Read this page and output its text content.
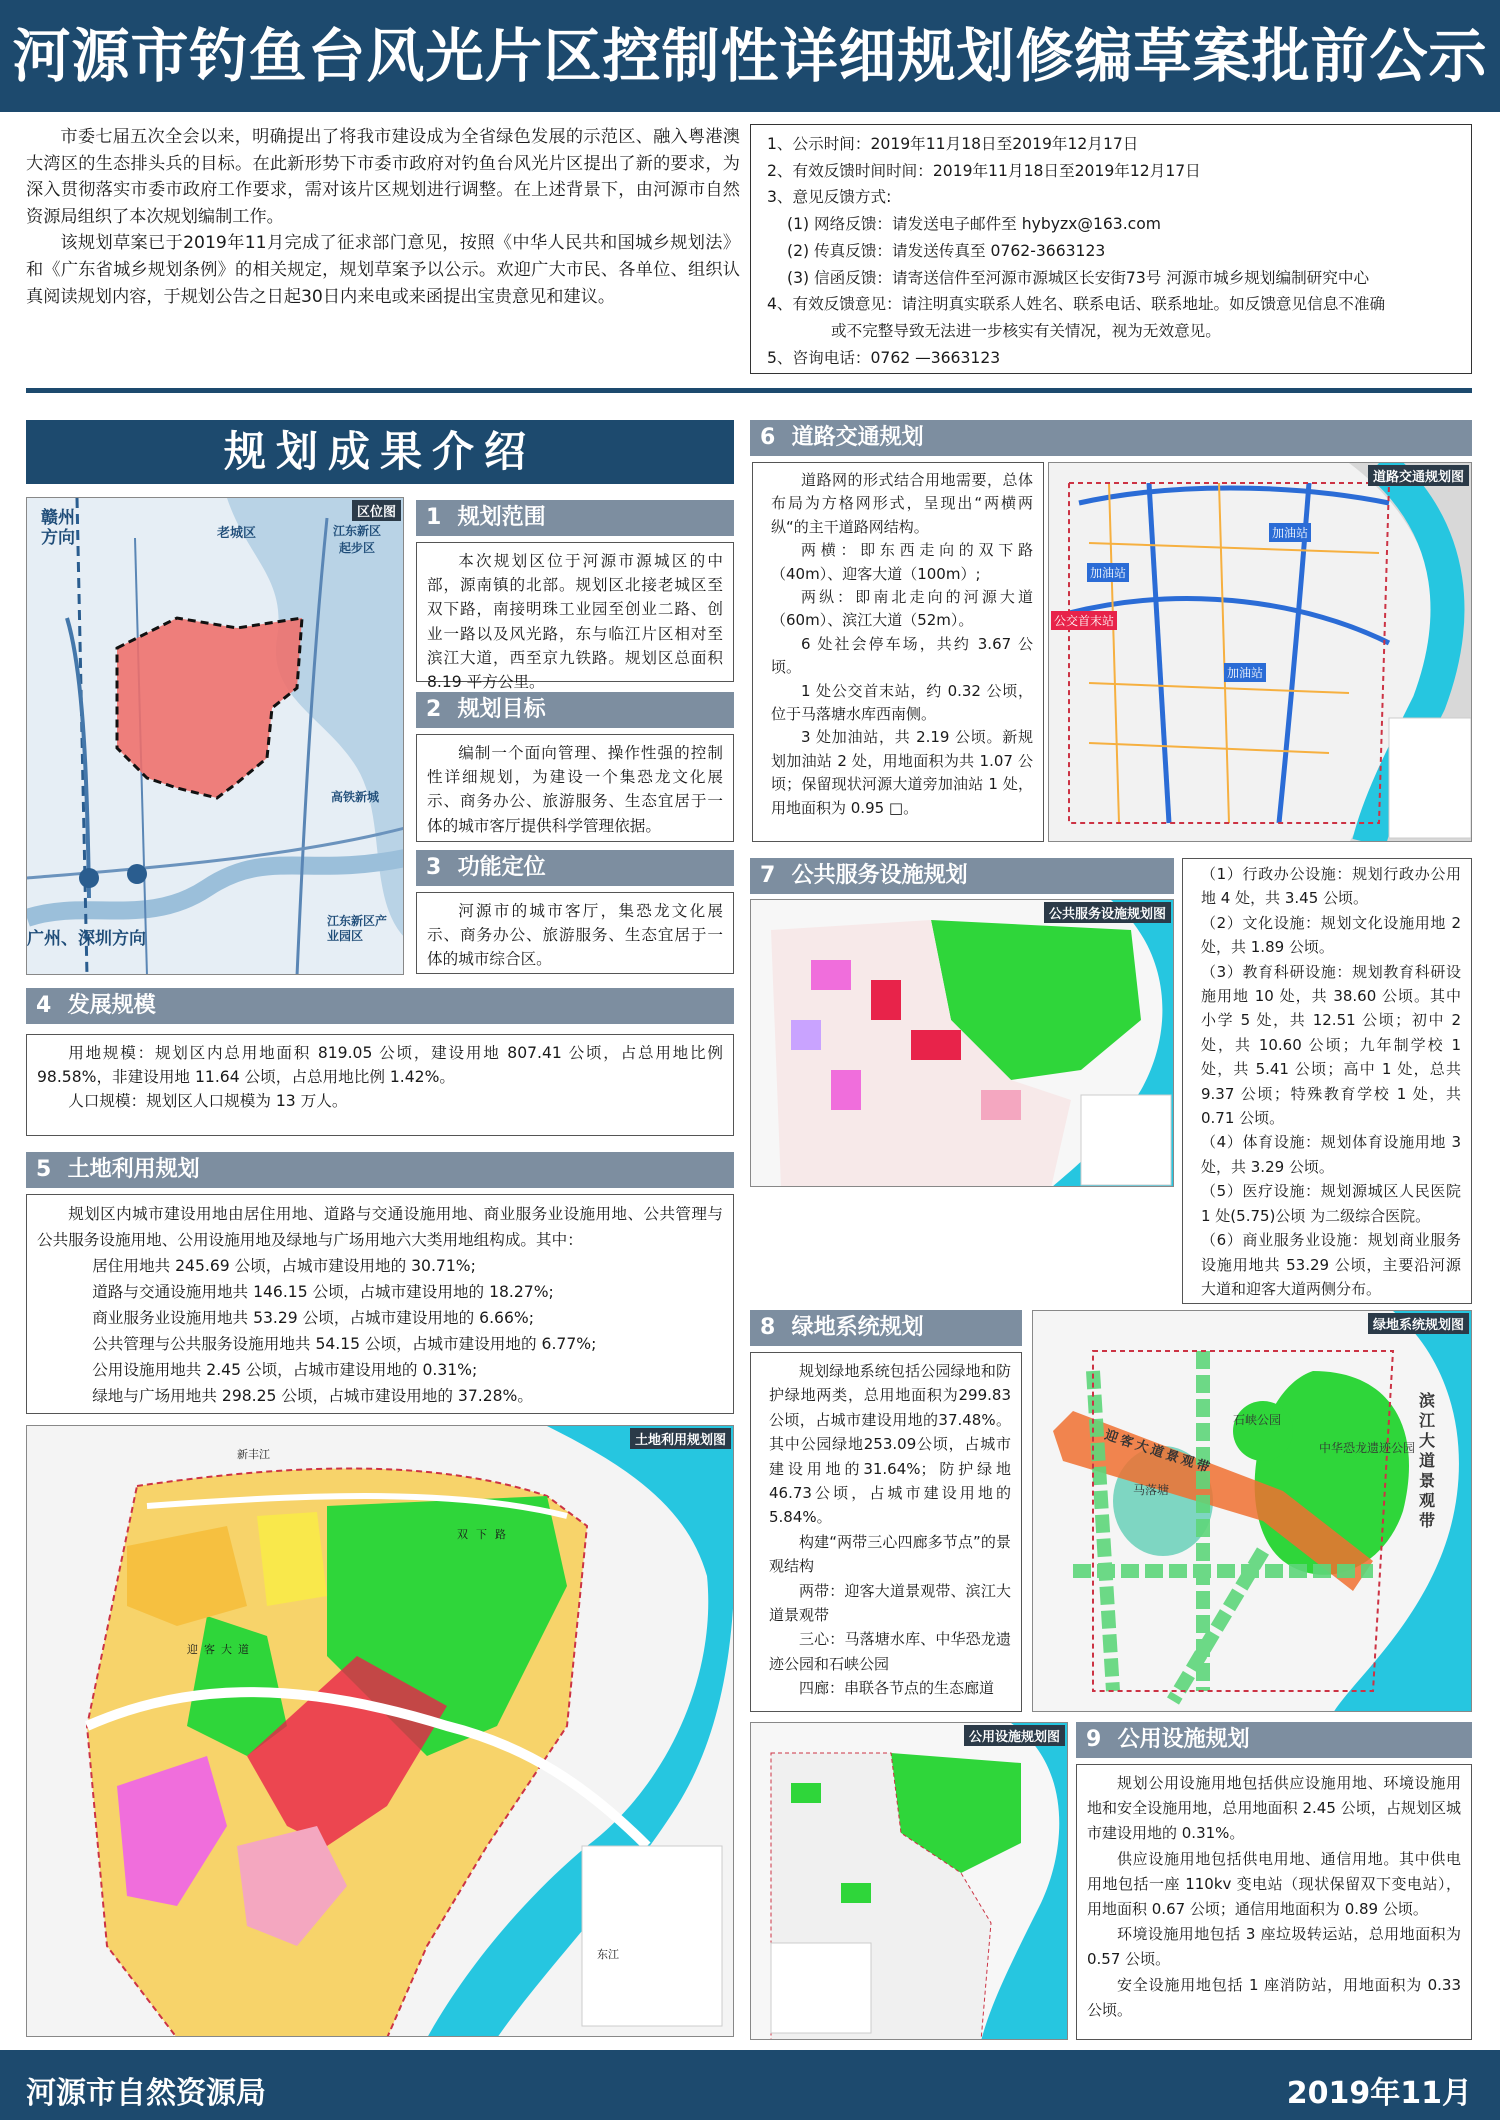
河源市钓鱼台风光片区控制性详细规划修编草案批前公示

市委七届五次全会以来，明确提出了将我市建设成为全省绿色发展的示范区、融入粤港澳大湾区的生态排头兵的目标。在此新形势下市委市政府对钓鱼台风光片区提出了新的要求，为深入贯彻落实市委市政府工作要求，需对该片区规划进行调整。在上述背景下，由河源市自然资源局组织了本次规划编制工作。

该规划草案已于2019年11月完成了征求部门意见，按照《中华人民共和国城乡规划法》和《广东省城乡规划条例》的相关规定，规划草案予以公示。欢迎广大市民、各单位、组织认真阅读规划内容，于规划公告之日起30日内来电或来函提出宝贵意见和建议。

1、公示时间：2019年11月18日至2019年12月17日
2、有效反馈时间时间：2019年11月18日至2019年12月17日
3、意见反馈方式:
(1) 网络反馈：请发送电子邮件至 hybyzx@163.com
(2) 传真反馈：请发送传真至 0762-3663123
(3) 信函反馈：请寄送信件至河源市源城区长安街73号 河源市城乡规划编制研究中心
4、有效反馈意见：请注明真实联系人姓名、联系电话、联系地址。如反馈意见信息不准确
或不完整导致无法进一步核实有关情况，视为无效意见。
5、咨询电话：0762 —3663123
规划成果介绍
区位图
赣州
方向	老城区	江东新区
起步区
高铁新城
广州、深圳方向
江东新区产业园区
1 规划范围

本次规划区位于河源市源城区的中部，源南镇的北部。规划区北接老城区至双下路，南接明珠工业园至创业二路、创业一路以及风光路，东与临江片区相对至滨江大道，西至京九铁路。规划区总面积 8.19 平方公里。

2 规划目标

编制一个面向管理、操作性强的控制性详细规划，为建设一个集恐龙文化展示、商务办公、旅游服务、生态宜居于一体的城市客厅提供科学管理依据。

3 功能定位

河源市的城市客厅，集恐龙文化展示、商务办公、旅游服务、生态宜居于一体的城市综合区。

4 发展规模

用地规模：规划区内总用地面积 819.05 公顷，建设用地 807.41 公顷，占总用地比例 98.58%，非建设用地 11.64 公顷，占总用地比例 1.42%。

人口规模：规划区人口规模为 13 万人。

5 土地利用规划

规划区内城市建设用地由居住用地、道路与交通设施用地、商业服务业设施用地、公共管理与公共服务设施用地、公用设施用地及绿地与广场用地六大类用地组构成。其中：

居住用地共 245.69 公顷，占城市建设用地的 30.71%;

道路与交通设施用地共 146.15 公顷，占城市建设用地的 18.27%;

商业服务业设施用地共 53.29 公顷，占城市建设用地的 6.66%;

公共管理与公共服务设施用地共 54.15 公顷，占城市建设用地的 6.77%;

公用设施用地共 2.45 公顷，占城市建设用地的 0.31%;

绿地与广场用地共 298.25 公顷，占城市建设用地的 37.28%。

土地利用规划图
新丰江
双下路
迎客大道
东江
6 道路交通规划

道路网的形式结合用地需要，总体布局为方格网形式，呈现出“两横两纵“的主干道路网结构。

两横：即东西走向的双下路（40m）、迎客大道（100m）;

两纵：即南北走向的河源大道（60m）、滨江大道（52m）。

6 处社会停车场，共约 3.67 公顷。

1 处公交首末站，约 0.32 公顷，位于马落塘水库西南侧。

3 处加油站，共 2.19 公顷。新规划加油站 2 处，用地面积为共 1.07 公顷；保留现状河源大道旁加油站 1 处，用地面积为 0.95 □。

道路交通规划图
加油站
加油站
加油站
公交首末站
7 公共服务设施规划
公共服务设施规划图

（1）行政办公设施：规划行政办公用地 4 处，共 3.45 公顷。

（2）文化设施：规划文化设施用地 2 处，共 1.89 公顷。

（3）教育科研设施：规划教育科研设施用地 10 处，共 38.60 公顷。其中小学 5 处，共 12.51 公顷；初中 2 处，共 10.60 公顷；九年制学校 1 处，共 5.41 公顷；高中 1 处，总共 9.37 公顷；特殊教育学校 1 处，共 0.71 公顷。

（4）体育设施：规划体育设施用地 3 处，共 3.29 公顷。

（5）医疗设施：规划源城区人民医院 1 处(5.75)公顷 为二级综合医院。

（6）商业服务业设施：规划商业服务设施用地共 53.29 公顷，主要沿河源大道和迎客大道两侧分布。

8 绿地系统规划

规划绿地系统包括公园绿地和防护绿地两类，总用地面积为299.83公顷，占城市建设用地的37.48%。其中公园绿地253.09公顷，占城市建设用地的31.64%；防护绿地46.73公顷，占城市建设用地的5.84%。

构建“两带三心四廊多节点”的景观结构

两带：迎客大道景观带、滨江大道景观带

三心：马落塘水库、中华恐龙遗迹公园和石峡公园

四廊：串联各节点的生态廊道

绿地系统规划图
迎客大道景观带
滨江大道景观带
石峡公园
中华恐龙遗迹公园
马落塘
公用设施规划图	9 公用设施规划

规划公用设施用地包括供应设施用地、环境设施用地和安全设施用地，总用地面积 2.45 公顷，占规划区城市建设用地的 0.31%。

供应设施用地包括供电用地、通信用地。其中供电用地包括一座 110kv 变电站（现状保留双下变电站），用地面积 0.67 公顷；通信用地面积为 0.89 公顷。

环境设施用地包括 3 座垃圾转运站，总用地面积为 0.57 公顷。

安全设施用地包括 1 座消防站，用地面积为 0.33 公顷。

河源市自然资源局	2019年11月
